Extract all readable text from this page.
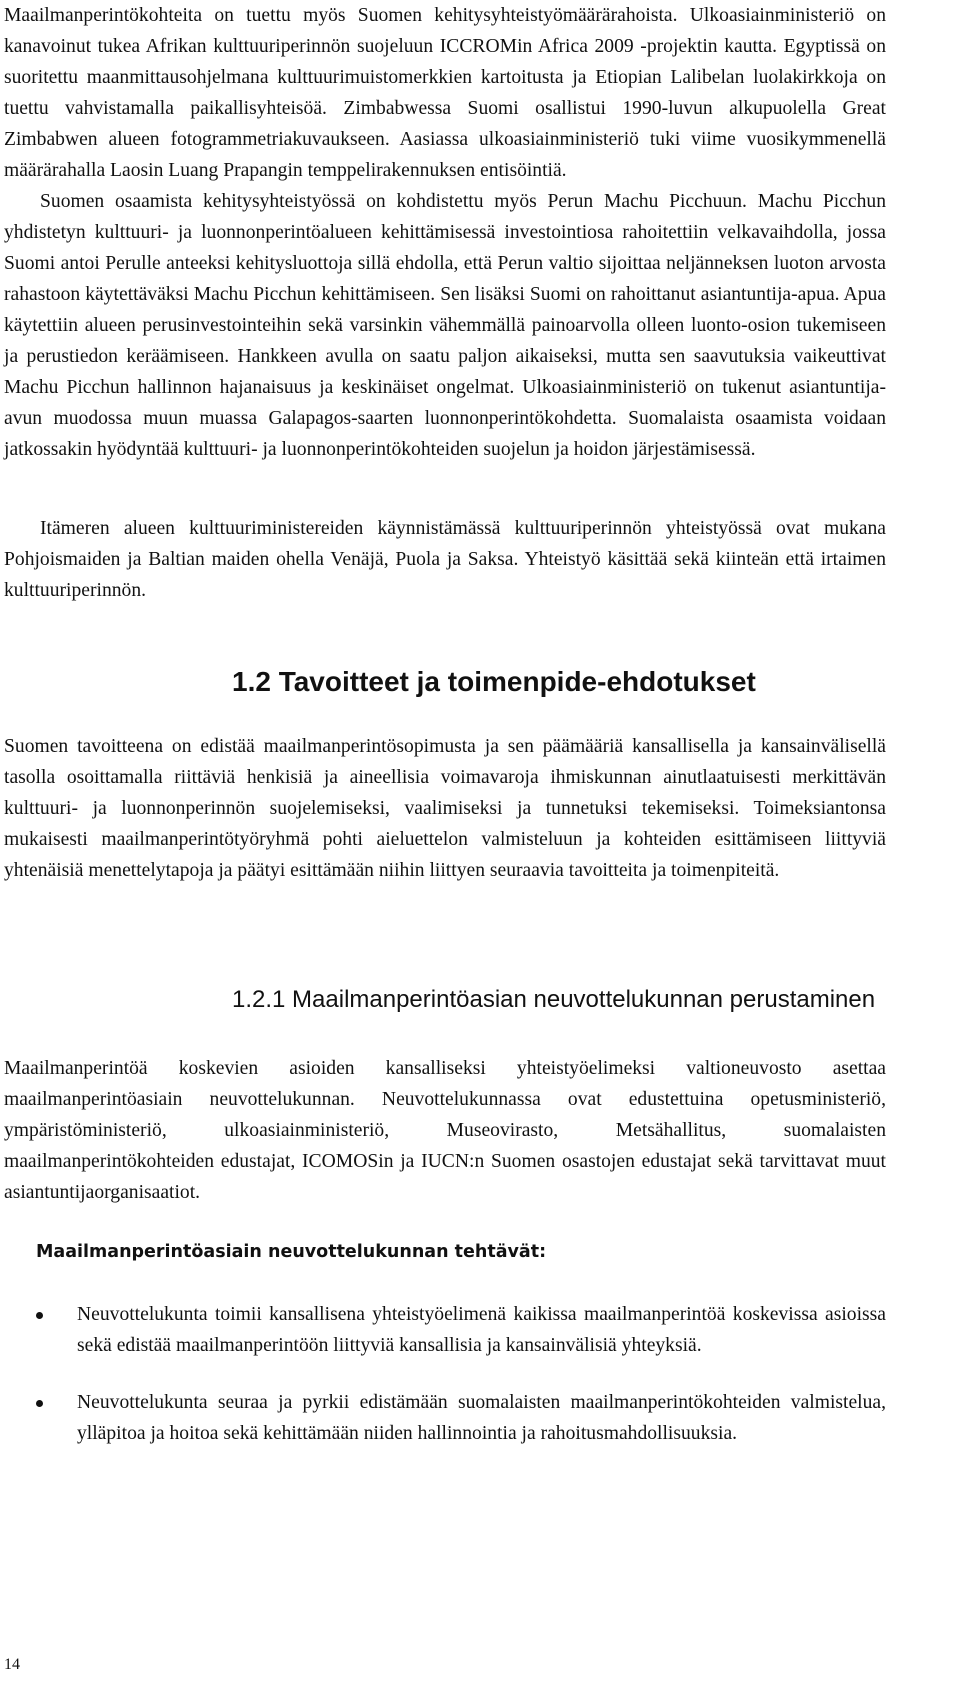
Maailmanperintökohteita on tuettu myös Suomen kehitysyhteistyömäärärahoista. Ulkoasiainministeriö on kanavoinut tukea Afrikan kulttuuriperinnön suojeluun ICCROMin Africa 2009 -projektin kautta. Egyptissä on suoritettu maanmittausohjelmana kulttuurimuistomerkkien kartoitusta ja Etiopian Lalibelan luolakirkkoja on tuettu vahvistamalla paikallisyhteisöä. Zimbabwessa Suomi osallistui 1990-luvun alkupuolella Great Zimbabwen alueen fotogrammetriakuvaukseen. Aasiassa ulkoasiainministeriö tuki viime vuosikymmenellä määrärahalla Laosin Luang Prapangin temppelirakennuksen entisöintiä.
Suomen osaamista kehitysyhteistyössä on kohdistettu myös Perun Machu Picchuun. Machu Picchun yhdistetyn kulttuuri- ja luonnonperintöalueen kehittämisessä investointiosa rahoitettiin velkavaihdolla, jossa Suomi antoi Perulle anteeksi kehitysluottoja sillä ehdolla, että Perun valtio sijoittaa neljänneksen luoton arvosta rahastoon käytettäväksi Machu Picchun kehittämiseen. Sen lisäksi Suomi on rahoittanut asiantuntija-apua. Apua käytettiin alueen perusinvestointeihin sekä varsinkin vähemmällä painoarvolla olleen luonto-osion tukemiseen ja perustiedon keräämiseen. Hankkeen avulla on saatu paljon aikaiseksi, mutta sen saavutuksia vaikeuttivat Machu Picchun hallinnon hajanaisuus ja keskinäiset ongelmat. Ulkoasiainministeriö on tukenut asiantuntija-avun muodossa muun muassa Galapagos-saarten luonnonperintökohdetta. Suomalaista osaamista voidaan jatkossakin hyödyntää kulttuuri- ja luonnonperintökohteiden suojelun ja hoidon järjestämisessä.

Itämeren alueen kulttuuriministereiden käynnistämässä kulttuuriperinnön yhteistyössä ovat mukana Pohjoismaiden ja Baltian maiden ohella Venäjä, Puola ja Saksa. Yhteistyö käsittää sekä kiinteän että irtaimen kulttuuriperinnön.

1.2 Tavoitteet ja toimenpide-ehdotukset

Suomen tavoitteena on edistää maailmanperintösopimusta ja sen päämääriä kansallisella ja kansainvälisellä tasolla osoittamalla riittäviä henkisiä ja aineellisia voimavaroja ihmiskunnan ainutlaatuisesti merkittävän kulttuuri- ja luonnonperinnön suojelemiseksi, vaalimiseksi ja tunnetuksi tekemiseksi. Toimeksiantonsa mukaisesti maailmanperintötyöryhmä pohti aieluettelon valmisteluun ja kohteiden esittämiseen liittyviä yhtenäisiä menettelytapoja ja päätyi esittämään niihin liittyen seuraavia tavoitteita ja toimenpiteitä.

1.2.1 Maailmanperintöasian neuvottelukunnan perustaminen

Maailmanperintöä koskevien asioiden kansalliseksi yhteistyöelimeksi valtioneuvosto asettaa maailmanperintöasiain neuvottelukunnan. Neuvottelukunnassa ovat edustettuina opetusministeriö, ympäristöministeriö, ulkoasiainministeriö, Museovirasto, Metsähallitus, suomalaisten maailmanperintökohteiden edustajat, ICOMOSin ja IUCN:n Suomen osastojen edustajat sekä tarvittavat muut asiantuntijaorganisaatiot.

Maailmanperintöasiain neuvottelukunnan tehtävät:
Neuvottelukunta toimii kansallisena yhteistyöelimenä kaikissa maailmanperintöä koskevissa asioissa sekä edistää maailmanperintöön liittyviä kansallisia ja kansainvälisiä yhteyksiä.
Neuvottelukunta seuraa ja pyrkii edistämään suomalaisten maailmanperintökohteiden valmistelua, ylläpitoa ja hoitoa sekä kehittämään niiden hallinnointia ja rahoitusmahdollisuuksia.
14
